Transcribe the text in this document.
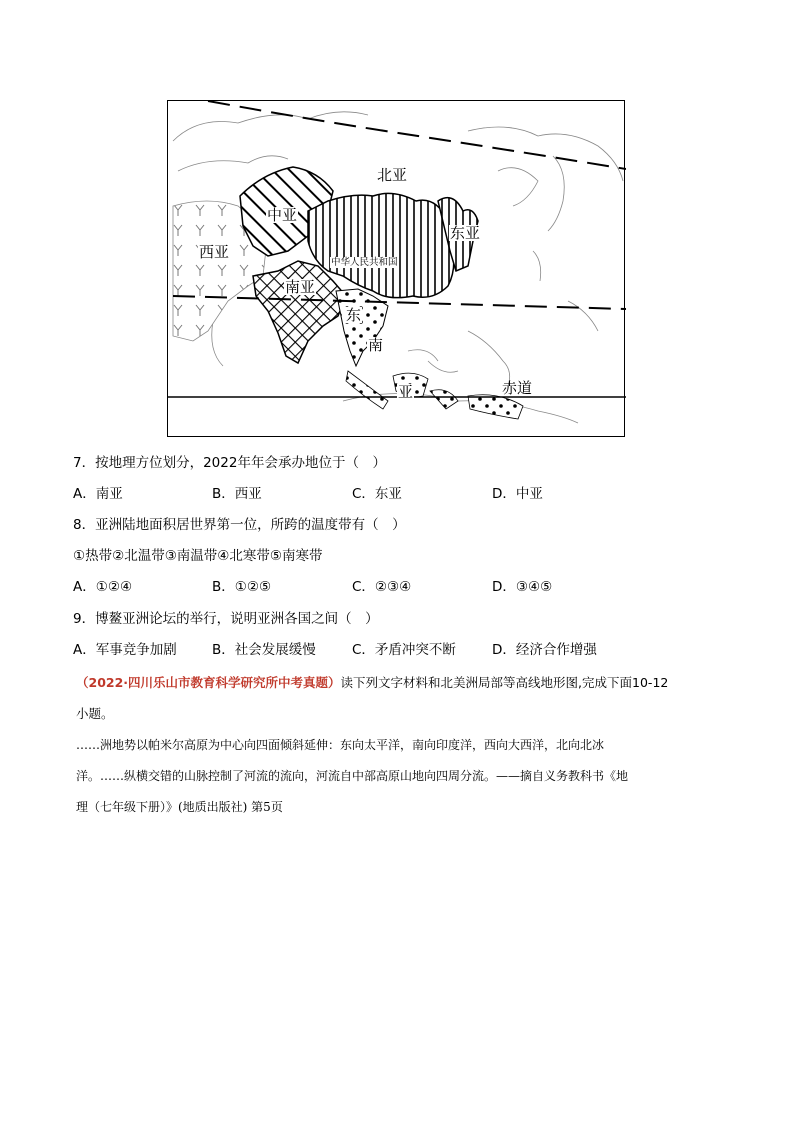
北亚
中亚
西亚
中华人民共和国
东亚
南亚
东
南
亚	赤道
7．按地理方位划分，2022年年会承办地位于（　）
A．南亚	B．西亚	C．东亚	D．中亚
8．亚洲陆地面积居世界第一位，所跨的温度带有（　）
①热带②北温带③南温带④北寒带⑤南寒带
A．①②④	B．①②⑤	C．②③④	D．③④⑤
9．博鳌亚洲论坛的举行，说明亚洲各国之间（　）
A．军事竞争加剧	B．社会发展缓慢	C．矛盾冲突不断	D．经济合作增强
（2022·四川乐山市教育科学研究所中考真题）读下列文字材料和北美洲局部等高线地形图,完成下面10-12
小题。
……洲地势以帕米尔高原为中心向四面倾斜延伸：东向太平洋，南向印度洋，西向大西洋，北向北冰
洋。……纵横交错的山脉控制了河流的流向，河流自中部高原山地向四周分流。——摘自义务教科书《地
理（七年级下册）》(地质出版社) 第5页
